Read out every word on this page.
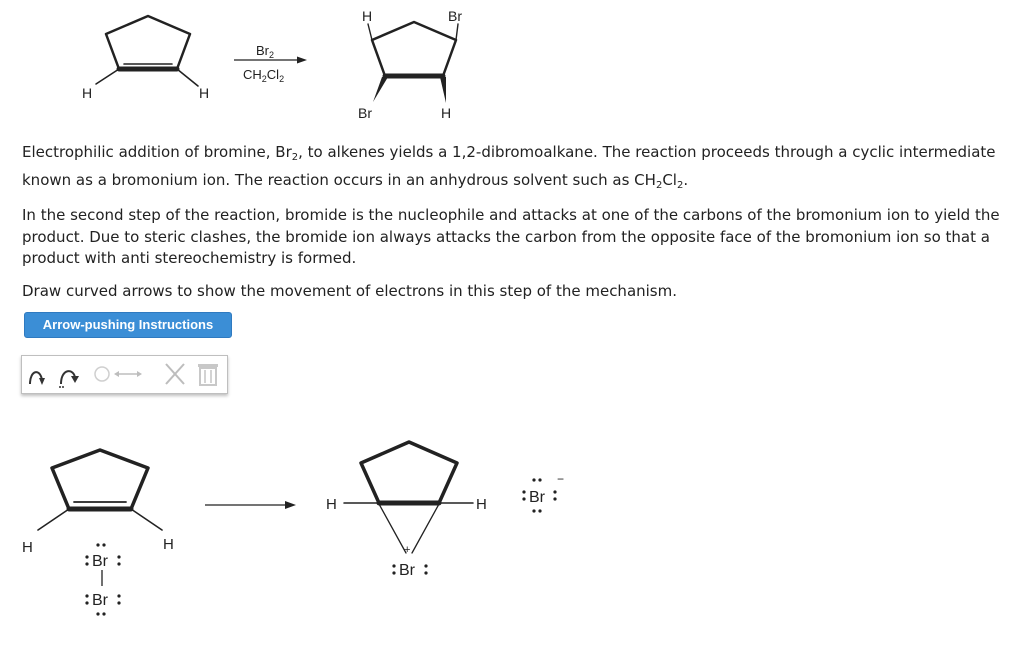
H	H
$Br_2$
$CH_2Cl_2$
H	Br
Br	H

Electrophilic addition of bromine, $Br_2$, to alkenes yields a 1,2-dibromoalkane. The reaction proceeds through a cyclic intermediate known as a bromonium ion. The reaction occurs in an anhydrous solvent such as $CH_2Cl_2$.

In the second step of the reaction, bromide is the nucleophile and attacks at one of the carbons of the bromonium ion to yield the product. Due to steric clashes, the bromide ion always attacks the carbon from the opposite face of the bromonium ion so that a product with anti stereochemistry is formed.

Draw curved arrows to show the movement of electrons in this step of the mechanism.

Arrow-pushing Instructions
H	H
Br
Br
H	H
+
Br
Br
−
